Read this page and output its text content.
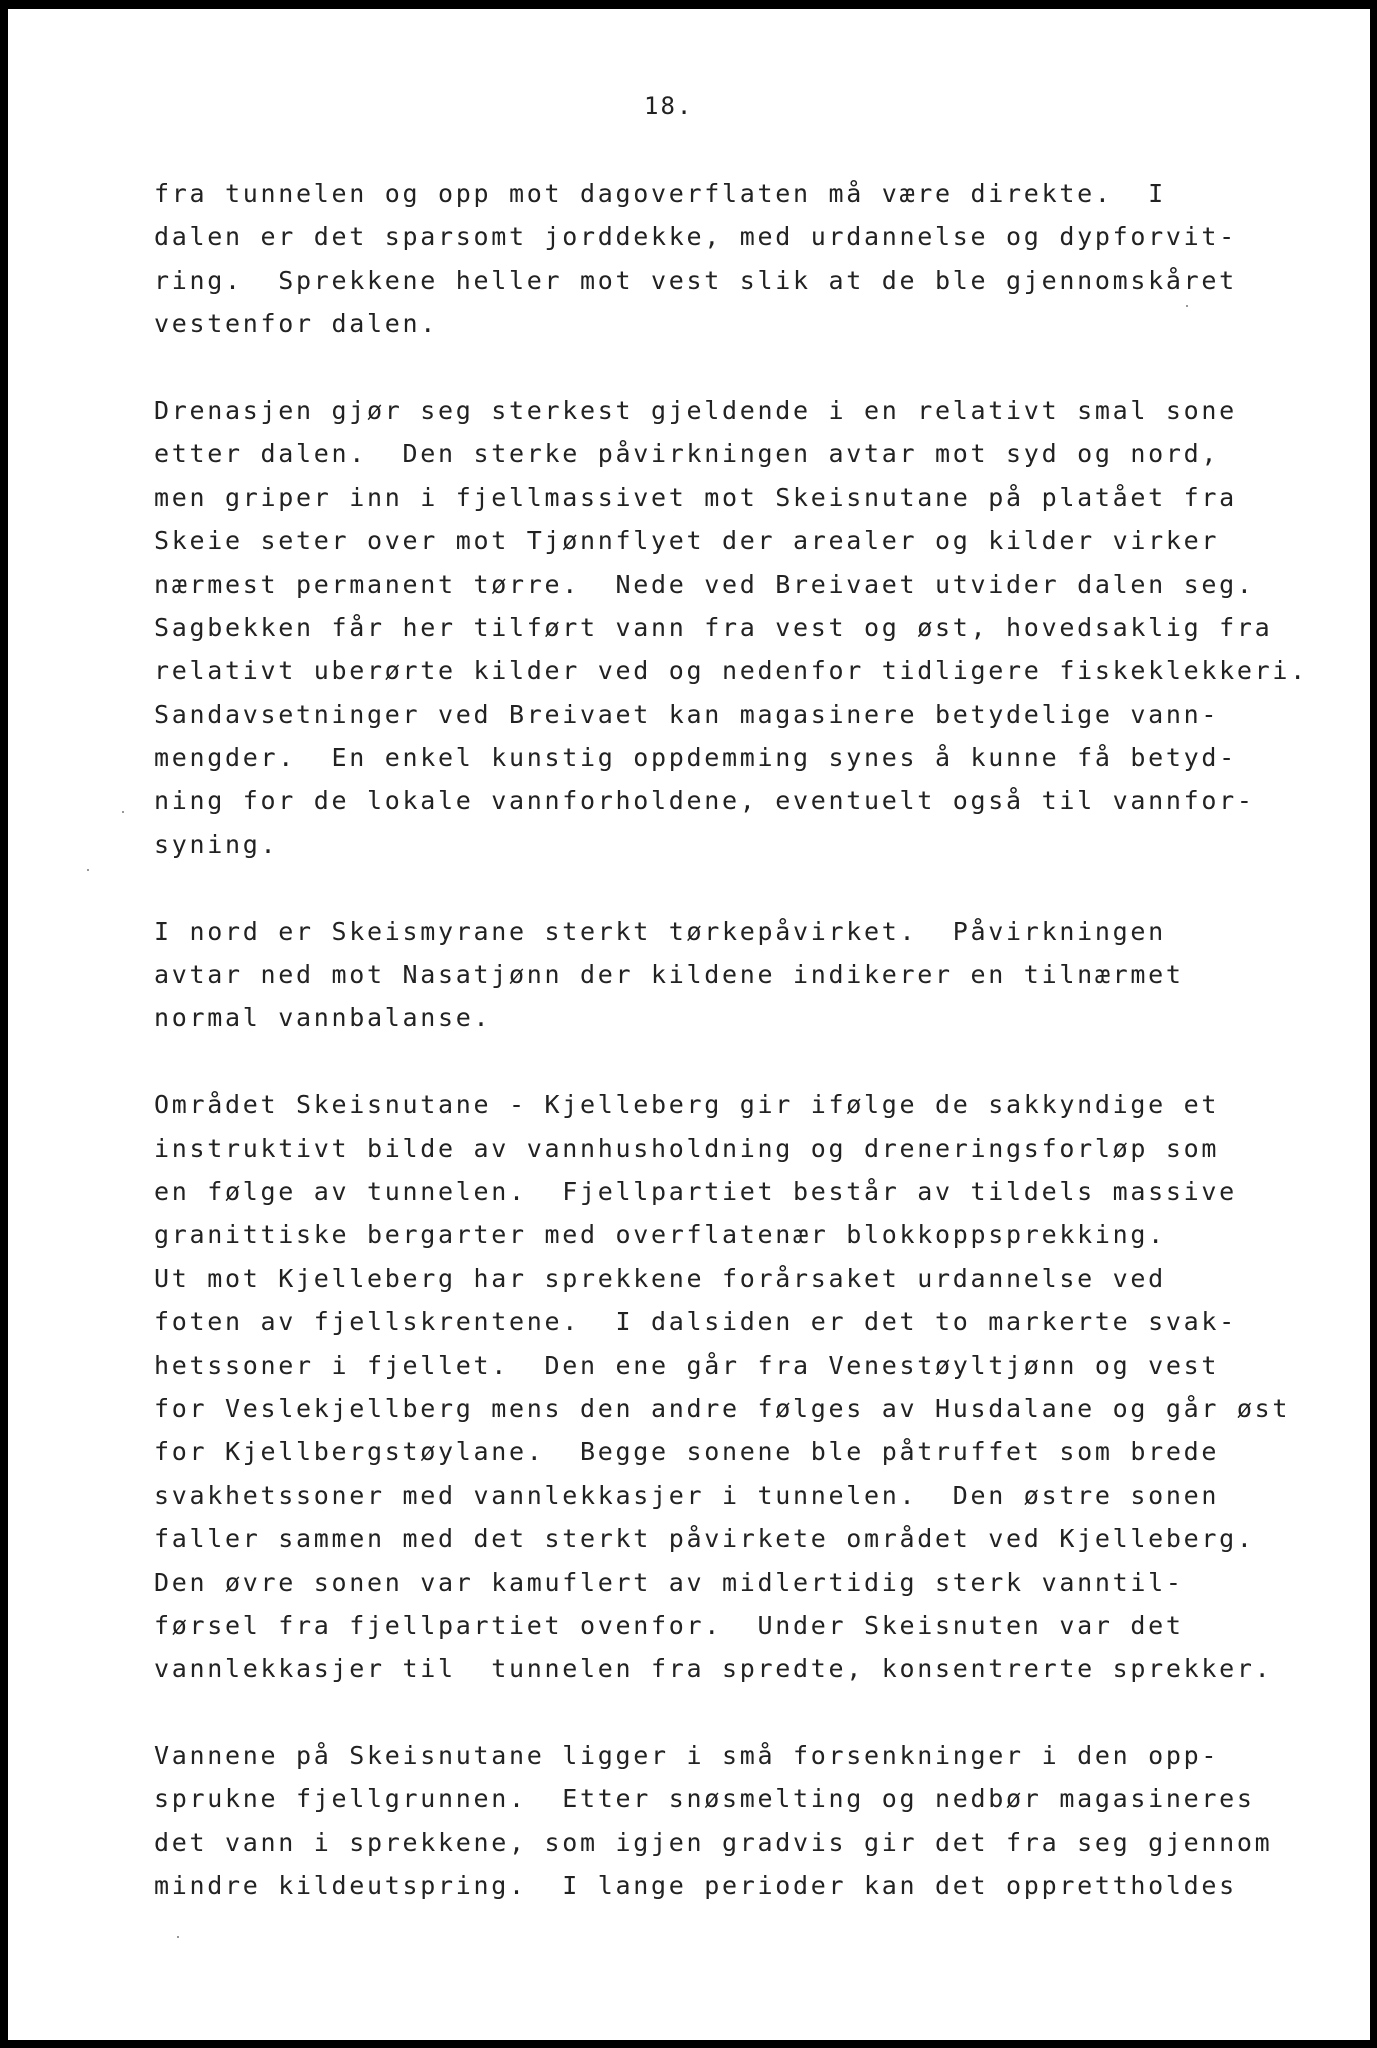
18.
fra tunnelen og opp mot dagoverflaten må være direkte.  I
dalen er det sparsomt jorddekke, med urdannelse og dypforvit-
ring.  Sprekkene heller mot vest slik at de ble gjennomskåret
vestenfor dalen.
Drenasjen gjør seg sterkest gjeldende i en relativt smal sone
etter dalen.  Den sterke påvirkningen avtar mot syd og nord,
men griper inn i fjellmassivet mot Skeisnutane på platået fra
Skeie seter over mot Tjønnflyet der arealer og kilder virker
nærmest permanent tørre.  Nede ved Breivaet utvider dalen seg.
Sagbekken får her tilført vann fra vest og øst, hovedsaklig fra
relativt uberørte kilder ved og nedenfor tidligere fiskeklekkeri.
Sandavsetninger ved Breivaet kan magasinere betydelige vann-
mengder.  En enkel kunstig oppdemming synes å kunne få betyd-
ning for de lokale vannforholdene, eventuelt også til vannfor-
syning.
I nord er Skeismyrane sterkt tørkepåvirket.  Påvirkningen
avtar ned mot Nasatjønn der kildene indikerer en tilnærmet
normal vannbalanse.
Området Skeisnutane - Kjelleberg gir ifølge de sakkyndige et
instruktivt bilde av vannhusholdning og dreneringsforløp som
en følge av tunnelen.  Fjellpartiet består av tildels massive
granittiske bergarter med overflatenær blokkoppsprekking.
Ut mot Kjelleberg har sprekkene forårsaket urdannelse ved
foten av fjellskrentene.  I dalsiden er det to markerte svak-
hetssoner i fjellet.  Den ene går fra Venestøyltjønn og vest
for Veslekjellberg mens den andre følges av Husdalane og går øst
for Kjellbergstøylane.  Begge sonene ble påtruffet som brede
svakhetssoner med vannlekkasjer i tunnelen.  Den østre sonen
faller sammen med det sterkt påvirkete området ved Kjelleberg.
Den øvre sonen var kamuflert av midlertidig sterk vanntil-
førsel fra fjellpartiet ovenfor.  Under Skeisnuten var det
vannlekkasjer til  tunnelen fra spredte, konsentrerte sprekker.
Vannene på Skeisnutane ligger i små forsenkninger i den opp-
sprukne fjellgrunnen.  Etter snøsmelting og nedbør magasineres
det vann i sprekkene, som igjen gradvis gir det fra seg gjennom
mindre kildeutspring.  I lange perioder kan det opprettholdes
